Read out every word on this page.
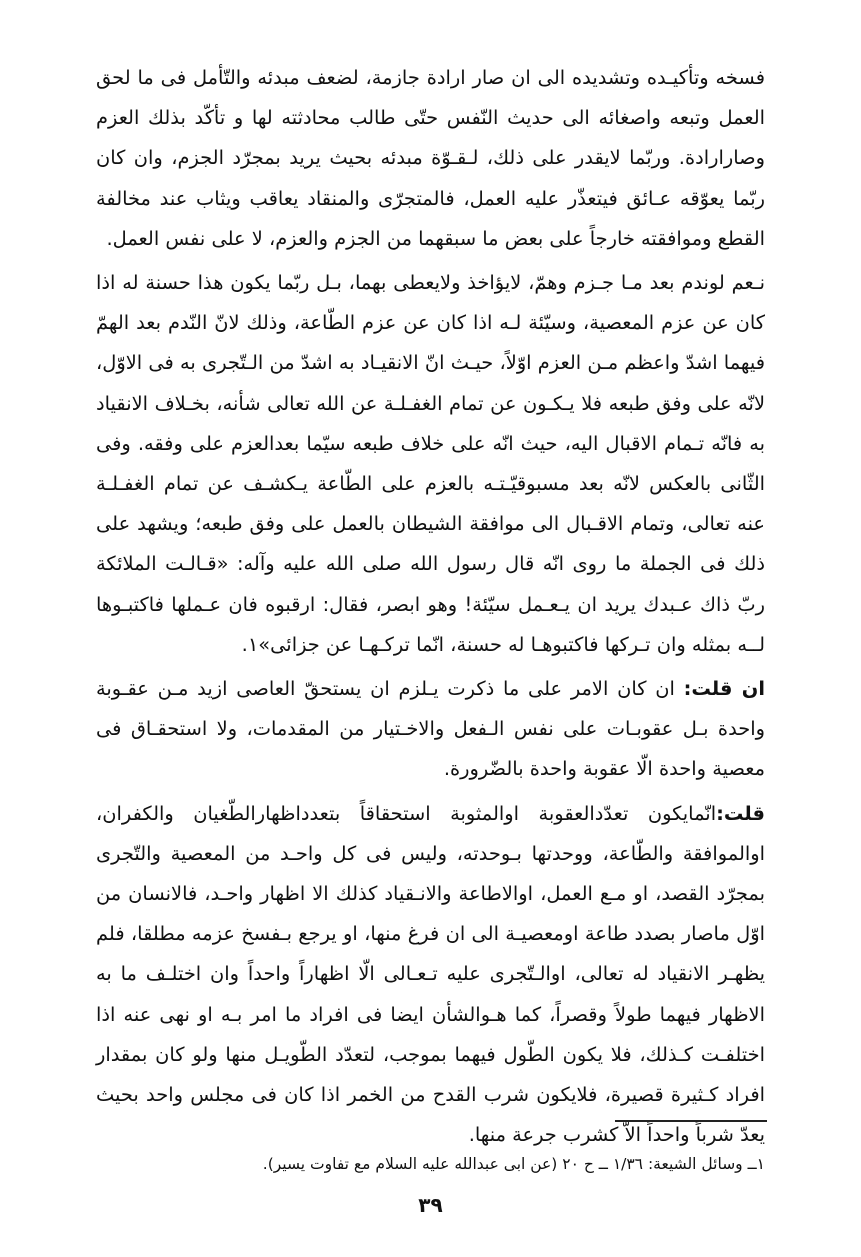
فسخه وتأكيـده وتشديده الى ان صار ارادة جازمة، لضعف مبدئه والتّأمل فى ما لحق العمل وتبعه واصغائه الى حديث النّفس حتّى طالب محادثته لها و تأكّد بذلك العزم وصارارادة. وربّما لايقدر على ذلك، لـقـوّة مبدئه بحيث يريد بمجرّد الجزم، وان كان ربّما يعوّقه عـائق فيتعذّر عليه العمل، فالمتجرّى والمنقاد يعاقب ويثاب عند مخالفة القطع وموافقته خارجاً على بعض ما سبقهما من الجزم والعزم، لا على نفس العمل.

نـعم لوندم بعد مـا جـزم وهمّ، لايؤاخذ ولايعطى بهما، بـل ربّما يكون هذا حسنة له اذا كان عن عزم المعصية، وسيّئة لـه اذا كان عن عزم الطّاعة، وذلك لانّ النّدم بعد الهمّ فيهما اشدّ واعظم مـن العزم اوّلاً، حيـث انّ الانقيـاد به اشدّ من الـتّجرى به فى الاوّل، لانّه على وفق طبعه فلا يـكـون عن تمام الغفـلـة عن الله تعالى شأنه، بخـلاف الانقياد به فانّه تـمام الاقبال اليه، حيث انّه على خلاف طبعه سيّما بعدالعزم على وفقه. وفى الثّانى بالعكس لانّه بعد مسبوقيّـتـه بالعزم على الطّاعة يـكشـف عن تمام الغفـلـة عنه تعالى، وتمام الاقـبال الى موافقة الشيطان بالعمل على وفق طبعه؛ ويشهد على ذلك فى الجملة ما روى انّه قال رسول الله صلى الله عليه وآله: «قـالـت الملائكة ربّ ذاك عـبدك يريد ان يـعـمل سيّئة! وهو ابصر، فقال: ارقبوه فان عـملها فاكتبـوها لــه بمثله وان تـركها فاكتبوهـا له حسنة، انّما تركـهـا عن جزائى»١.

ان قلت: ان كان الامر على ما ذكرت يـلزم ان يستحقّ العاصى ازيد مـن عقـوبة واحدة بـل عقوبـات على نفس الـفعل والاخـتيار من المقدمات، ولا استحقـاق فى معصية واحدة الّا عقوبة واحدة بالضّرورة.

قلت:انّمايكون تعدّدالعقوبة اوالمثوبة استحقاقاً بتعدداظهارالطّغيان والكفران، اوالموافقة والطّاعة، ووحدتها بـوحدته، وليس فى كل واحـد من المعصية والتّجرى بمجرّد القصد، او مـع العمل، اوالاطاعة والانـقياد كذلك الا اظهار واحـد، فالانسان من اوّل ماصار بصدد طاعة اومعصيـة الى ان فرغ منها، او يرجع بـفسخ عزمه مطلقا، فلم يظهـر الانقياد له تعالى، اوالـتّجرى عليه تـعـالى الّا اظهاراً واحداً وان اختلـف ما به الاظهار فيهما طولاً وقصراً، كما هـوالشأن ايضا فى افراد ما امر بـه او نهى عنه اذا اختلفـت كـذلك، فلا يكون الطّول فيهما بموجب، لتعدّد الطّويـل منها ولو كان بمقدار افراد كـثيرة قصيرة، فلايكون شرب القدح من الخمر اذا كان فى مجلس واحد بحيث يعدّ شرباً واحداً الاّ كشرب جرعة منها.

١ــ وسائل الشيعة: ١/٣٦ ــ ح ٢٠ (عن ابى عبدالله عليه السلام مع تفاوت يسير).
٣٩
